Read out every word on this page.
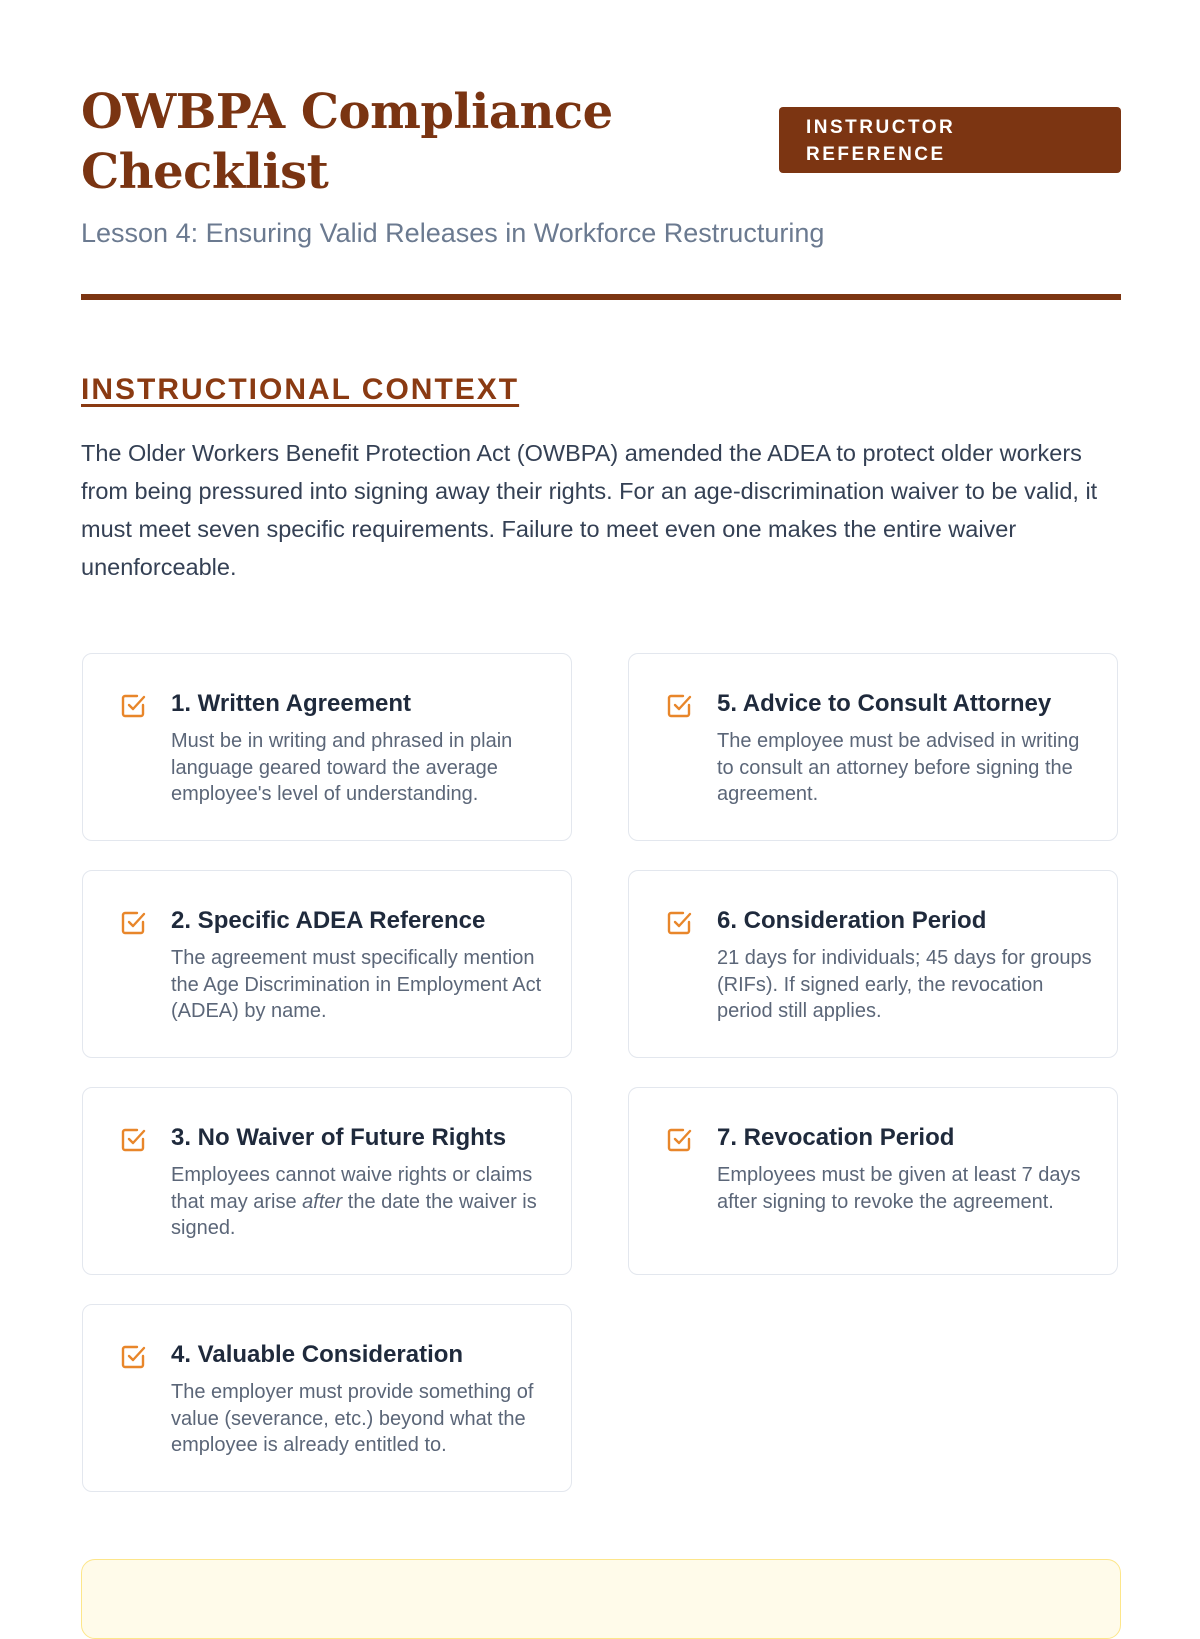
OWBPA Compliance Checklist
INSTRUCTOR REFERENCE

Lesson 4: Ensuring Valid Releases in Workforce Restructuring

INSTRUCTIONAL CONTEXT

The Older Workers Benefit Protection Act (OWBPA) amended the ADEA to protect older workers from being pressured into signing away their rights. For an age-discrimination waiver to be valid, it must meet seven specific requirements. Failure to meet even one makes the entire waiver unenforceable.

1. Written Agreement

Must be in writing and phrased in plain language geared toward the average employee's level of understanding.

2. Specific ADEA Reference

The agreement must specifically mention the Age Discrimination in Employment Act (ADEA) by name.

3. No Waiver of Future Rights

Employees cannot waive rights or claims that may arise after the date the waiver is signed.

4. Valuable Consideration

The employer must provide something of value (severance, etc.) beyond what the employee is already entitled to.

5. Advice to Consult Attorney

The employee must be advised in writing to consult an attorney before signing the agreement.

6. Consideration Period

21 days for individuals; 45 days for groups (RIFs). If signed early, the revocation period still applies.

7. Revocation Period

Employees must be given at least 7 days after signing to revoke the agreement.
